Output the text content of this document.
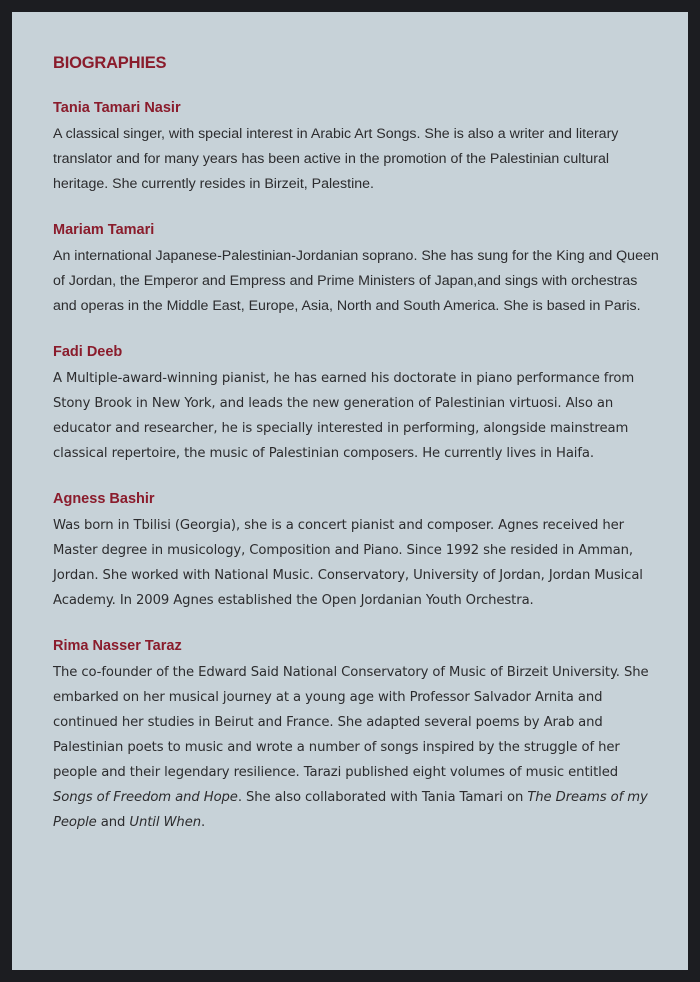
BIOGRAPHIES
Tania Tamari Nasir

A classical singer, with special interest in Arabic Art Songs. She is also a writer and literary translator and for many years has been active in the promotion of the Palestinian cultural heritage. She currently resides in Birzeit, Palestine.

Mariam Tamari

An international Japanese-Palestinian-Jordanian soprano. She has sung for the King and Queen of Jordan, the Emperor and Empress and Prime Ministers of Japan,and sings with orchestras and operas in the Middle East, Europe, Asia, North and South America. She is based in Paris.

Fadi Deeb

A Multiple-award-winning pianist, he has earned his doctorate in piano performance from Stony Brook in New York, and leads the new generation of Palestinian virtuosi. Also an educator and researcher, he is specially interested in performing, alongside mainstream classical repertoire, the music of Palestinian composers. He currently lives in Haifa.

Agness Bashir

Was born in Tbilisi (Georgia), she is a concert pianist and composer. Agnes received her Master degree in musicology, Composition and Piano. Since 1992 she resided in Amman, Jordan. She worked with National Music. Conservatory, University of Jordan, Jordan Musical Academy. In 2009 Agnes established the Open Jordanian Youth Orchestra.

Rima Nasser Taraz

The co-founder of the Edward Said National Conservatory of Music of Birzeit University. She embarked on her musical journey at a young age with Professor Salvador Arnita and continued her studies in Beirut and France. She adapted several poems by Arab and Palestinian poets to music and wrote a number of songs inspired by the struggle of her people and their legendary resilience. Tarazi published eight volumes of music entitled Songs of Freedom and Hope. She also collaborated with Tania Tamari on The Dreams of my People and Until When.
